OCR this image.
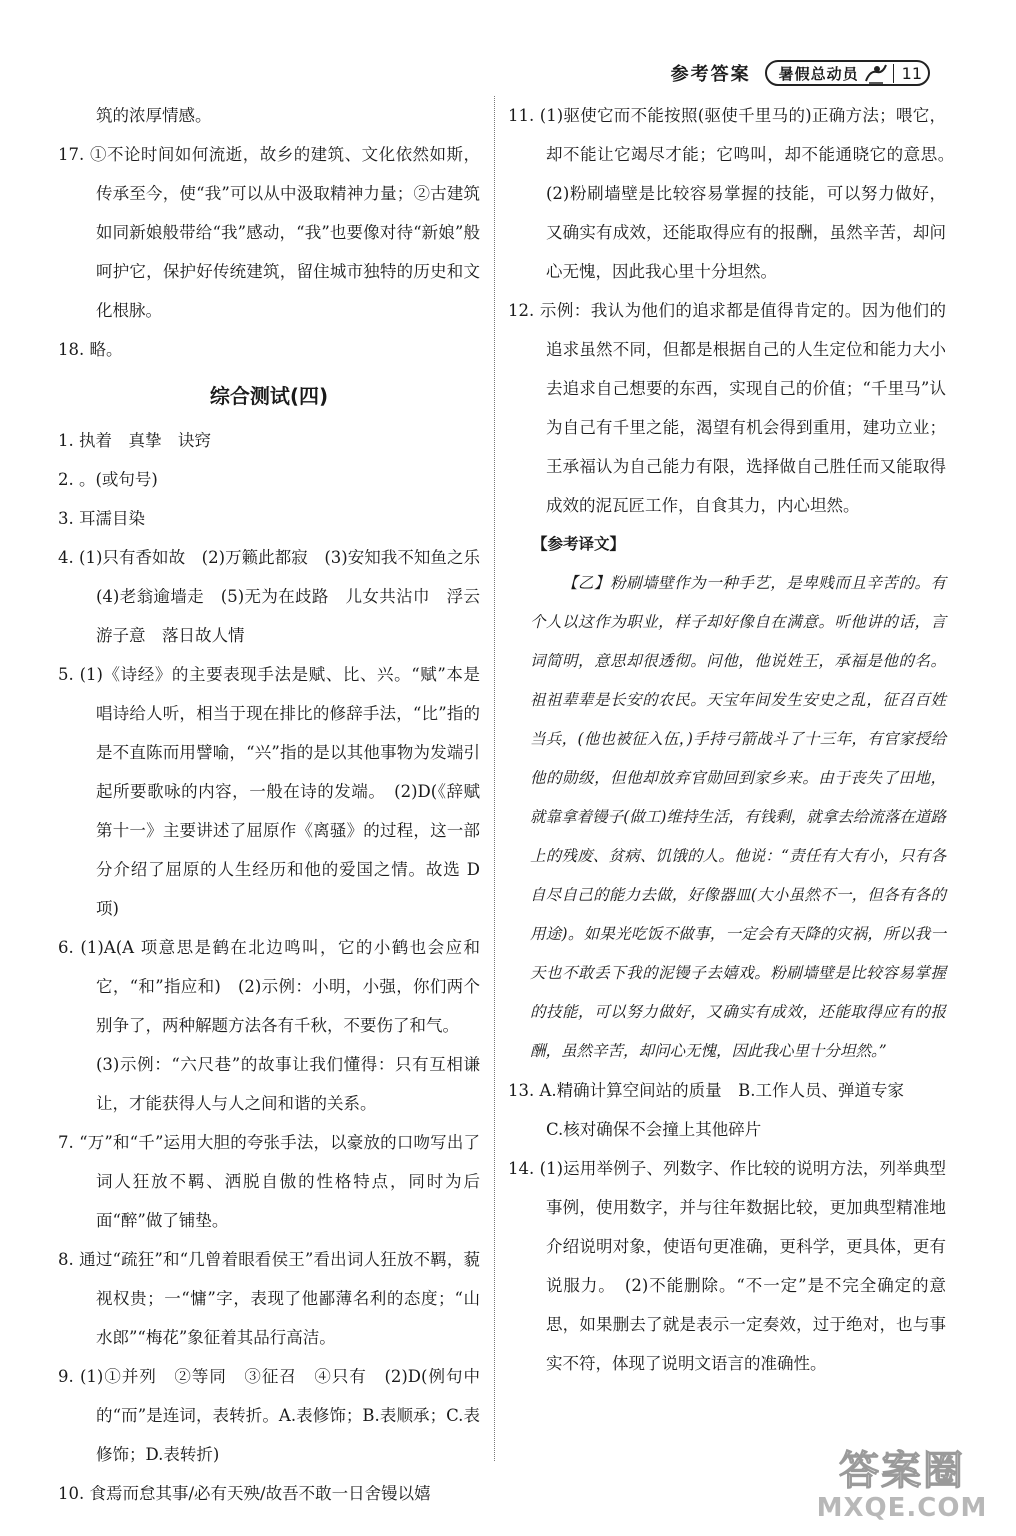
参考答案 暑假总动员	11

筑的浓厚情感。

17. ①不论时间如何流逝，故乡的建筑、文化依然如斯，传承至今，使“我”可以从中汲取精神力量；②古建筑如同新娘般带给“我”感动，“我”也要像对待“新娘”般呵护它，保护好传统建筑，留住城市独特的历史和文化根脉。

18. 略。

综合测试(四)

1. 执着　真挚　诀窍

2. 。(或句号)

3. 耳濡目染

4. (1)只有香如故　(2)万籁此都寂　(3)安知我不知鱼之乐　(4)老翁逾墙走　(5)无为在歧路　儿女共沾巾　浮云游子意　落日故人情

5. (1)《诗经》的主要表现手法是赋、比、兴。“赋”本是唱诗给人听，相当于现在排比的修辞手法，“比”指的是不直陈而用譬喻，“兴”指的是以其他事物为发端引起所要歌咏的内容，一般在诗的发端。　(2)D(《辞赋第十一》主要讲述了屈原作《离骚》的过程，这一部分介绍了屈原的人生经历和他的爱国之情。故选 D 项)

6. (1)A(A 项意思是鹤在北边鸣叫，它的小鹤也会应和它，“和”指应和)　(2)示例：小明，小强，你们两个别争了，两种解题方法各有千秋，不要伤了和气。

(3)示例：“六尺巷”的故事让我们懂得：只有互相谦让，才能获得人与人之间和谐的关系。

7. “万”和“千”运用大胆的夸张手法，以豪放的口吻写出了词人狂放不羁、洒脱自傲的性格特点，同时为后面“醉”做了铺垫。

8. 通过“疏狂”和“几曾着眼看侯王”看出词人狂放不羁，藐视权贵；一“慵”字，表现了他鄙薄名利的态度；“山水郎”“梅花”象征着其品行高洁。

9. (1)①并列　②等同　③征召　④只有　(2)D(例句中的“而”是连词，表转折。A.表修饰；B.表顺承；C.表修饰；D.表转折)

10. 食焉而怠其事/必有天殃/故吾不敢一日舍镘以嬉

11. (1)驱使它而不能按照(驱使千里马的)正确方法；喂它，却不能让它竭尽才能；它鸣叫，却不能通晓它的意思。　(2)粉刷墙壁是比较容易掌握的技能，可以努力做好，又确实有成效，还能取得应有的报酬，虽然辛苦，却问心无愧，因此我心里十分坦然。

12. 示例：我认为他们的追求都是值得肯定的。因为他们的追求虽然不同，但都是根据自己的人生定位和能力大小去追求自己想要的东西，实现自己的价值；“千里马”认为自己有千里之能，渴望有机会得到重用，建功立业；王承福认为自己能力有限，选择做自己胜任而又能取得成效的泥瓦匠工作，自食其力，内心坦然。

【参考译文】

【乙】粉刷墙壁作为一种手艺，是卑贱而且辛苦的。有个人以这作为职业，样子却好像自在满意。听他讲的话，言词简明，意思却很透彻。问他，他说姓王，承福是他的名。祖祖辈辈是长安的农民。天宝年间发生安史之乱，征召百姓当兵，(他也被征入伍，)手持弓箭战斗了十三年，有官家授给他的勋级，但他却放弃官勋回到家乡来。由于丧失了田地，就靠拿着镘子(做工)维持生活，有钱剩，就拿去给流落在道路上的残废、贫病、饥饿的人。他说：“责任有大有小，只有各自尽自己的能力去做，好像器皿(大小虽然不一，但各有各的用途)。如果光吃饭不做事，一定会有天降的灾祸，所以我一天也不敢丢下我的泥镘子去嬉戏。粉刷墙壁是比较容易掌握的技能，可以努力做好，又确实有成效，还能取得应有的报酬，虽然辛苦，却问心无愧，因此我心里十分坦然。”

13. A.精确计算空间站的质量　B.工作人员、弹道专家

C.核对确保不会撞上其他碎片

14. (1)运用举例子、列数字、作比较的说明方法，列举典型事例，使用数字，并与往年数据比较，更加典型精准地介绍说明对象，使语句更准确，更科学，更具体，更有说服力。　(2)不能删除。“不一定”是不完全确定的意思，如果删去了就是表示一定奏效，过于绝对，也与事实不符，体现了说明文语言的准确性。

答案圈
MXQE.COM
